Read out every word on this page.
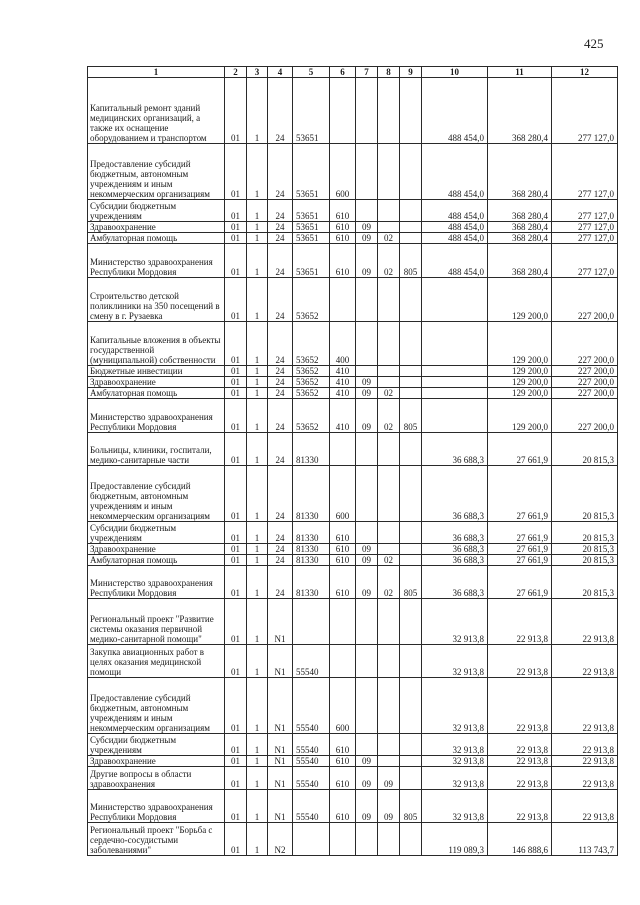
425
1	2	3	4	5	6	7	8	9	10	11	12
Капитальный ремонт зданий медицинских организаций, а также их оснащение оборудованием и транспортом	01	1	24	53651					488 454,0	368 280,4	277 127,0
Предоставление субсидий бюджетным, автономным учреждениям и иным некоммерческим организациям	01	1	24	53651	600				488 454,0	368 280,4	277 127,0
Субсидии бюджетным учреждениям	01	1	24	53651	610				488 454,0	368 280,4	277 127,0
Здравоохранение	01	1	24	53651	610	09			488 454,0	368 280,4	277 127,0
Амбулаторная помощь	01	1	24	53651	610	09	02		488 454,0	368 280,4	277 127,0
Министерство здравоохранения Республики Мордовия	01	1	24	53651	610	09	02	805	488 454,0	368 280,4	277 127,0
Строительство детской поликлиники на 350 посещений в смену в г. Рузаевка	01	1	24	53652						129 200,0	227 200,0
Капитальные вложения в объекты государственной (муниципальной) собственности	01	1	24	53652	400					129 200,0	227 200,0
Бюджетные инвестиции	01	1	24	53652	410					129 200,0	227 200,0
Здравоохранение	01	1	24	53652	410	09				129 200,0	227 200,0
Амбулаторная помощь	01	1	24	53652	410	09	02			129 200,0	227 200,0
Министерство здравоохранения Республики Мордовия	01	1	24	53652	410	09	02	805		129 200,0	227 200,0
Больницы, клиники, госпитали, медико-санитарные части	01	1	24	81330					36 688,3	27 661,9	20 815,3
Предоставление субсидий бюджетным, автономным учреждениям и иным некоммерческим организациям	01	1	24	81330	600				36 688,3	27 661,9	20 815,3
Субсидии бюджетным учреждениям	01	1	24	81330	610				36 688,3	27 661,9	20 815,3
Здравоохранение	01	1	24	81330	610	09			36 688,3	27 661,9	20 815,3
Амбулаторная помощь	01	1	24	81330	610	09	02		36 688,3	27 661,9	20 815,3
Министерство здравоохранения Республики Мордовия	01	1	24	81330	610	09	02	805	36 688,3	27 661,9	20 815,3
Региональный проект "Развитие системы оказания первичной медико-санитарной помощи"	01	1	N1						32 913,8	22 913,8	22 913,8
Закупка авиационных работ в целях оказания медицинской помощи	01	1	N1	55540					32 913,8	22 913,8	22 913,8
Предоставление субсидий бюджетным, автономным учреждениям и иным некоммерческим организациям	01	1	N1	55540	600				32 913,8	22 913,8	22 913,8
Субсидии бюджетным учреждениям	01	1	N1	55540	610				32 913,8	22 913,8	22 913,8
Здравоохранение	01	1	N1	55540	610	09			32 913,8	22 913,8	22 913,8
Другие вопросы в области здравоохранения	01	1	N1	55540	610	09	09		32 913,8	22 913,8	22 913,8
Министерство здравоохранения Республики Мордовия	01	1	N1	55540	610	09	09	805	32 913,8	22 913,8	22 913,8
Региональный проект "Борьба с сердечно-сосудистыми заболеваниями"	01	1	N2						119 089,3	146 888,6	113 743,7
